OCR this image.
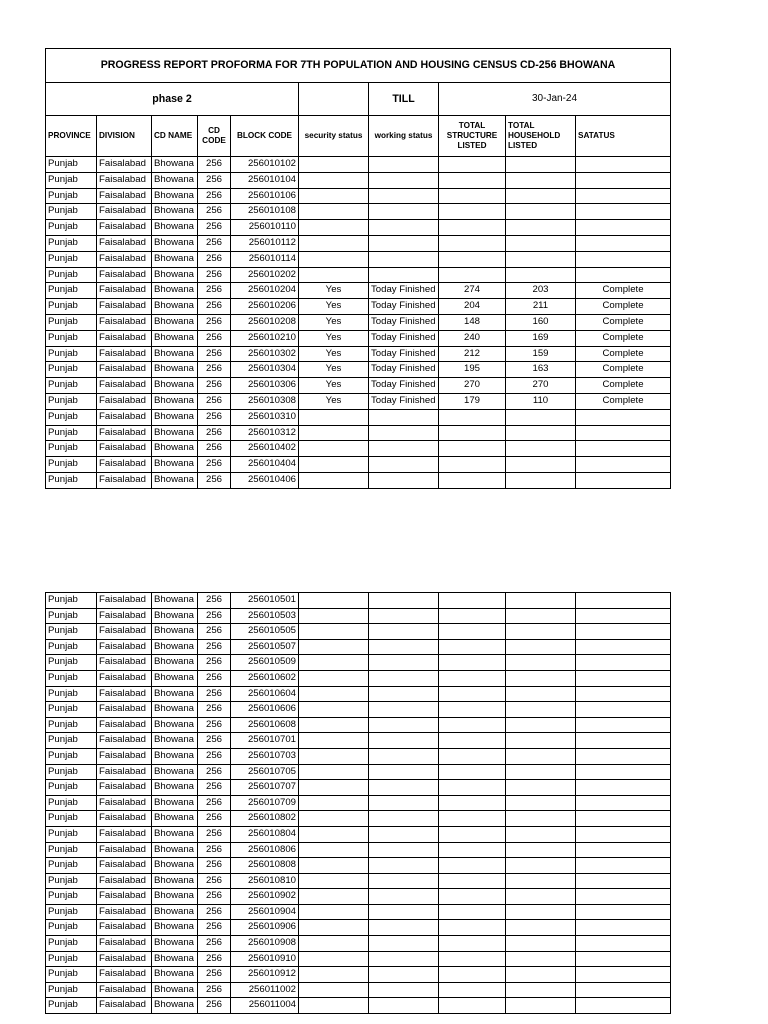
PROGRESS REPORT PROFORMA FOR 7TH POPULATION AND HOUSING CENSUS CD-256 BHOWANA									
phase 2						TILL	30-Jan-24		
PROVINCE	DIVISION	CD NAME	CD CODE	BLOCK CODE	security status	working status	TOTAL STRUCTURE LISTED	TOTAL HOUSEHOLD LISTED	SATATUS
Punjab	Faisalabad	Bhowana	256	256010102					
Punjab	Faisalabad	Bhowana	256	256010104					
Punjab	Faisalabad	Bhowana	256	256010106					
Punjab	Faisalabad	Bhowana	256	256010108					
Punjab	Faisalabad	Bhowana	256	256010110					
Punjab	Faisalabad	Bhowana	256	256010112					
Punjab	Faisalabad	Bhowana	256	256010114					
Punjab	Faisalabad	Bhowana	256	256010202					
Punjab	Faisalabad	Bhowana	256	256010204	Yes	Today Finished	274	203	Complete
Punjab	Faisalabad	Bhowana	256	256010206	Yes	Today Finished	204	211	Complete
Punjab	Faisalabad	Bhowana	256	256010208	Yes	Today Finished	148	160	Complete
Punjab	Faisalabad	Bhowana	256	256010210	Yes	Today Finished	240	169	Complete
Punjab	Faisalabad	Bhowana	256	256010302	Yes	Today Finished	212	159	Complete
Punjab	Faisalabad	Bhowana	256	256010304	Yes	Today Finished	195	163	Complete
Punjab	Faisalabad	Bhowana	256	256010306	Yes	Today Finished	270	270	Complete
Punjab	Faisalabad	Bhowana	256	256010308	Yes	Today Finished	179	110	Complete
Punjab	Faisalabad	Bhowana	256	256010310					
Punjab	Faisalabad	Bhowana	256	256010312					
Punjab	Faisalabad	Bhowana	256	256010402					
Punjab	Faisalabad	Bhowana	256	256010404					
Punjab	Faisalabad	Bhowana	256	256010406					
Punjab	Faisalabad	Bhowana	256	256010501					
Punjab	Faisalabad	Bhowana	256	256010503					
Punjab	Faisalabad	Bhowana	256	256010505					
Punjab	Faisalabad	Bhowana	256	256010507					
Punjab	Faisalabad	Bhowana	256	256010509					
Punjab	Faisalabad	Bhowana	256	256010602					
Punjab	Faisalabad	Bhowana	256	256010604					
Punjab	Faisalabad	Bhowana	256	256010606					
Punjab	Faisalabad	Bhowana	256	256010608					
Punjab	Faisalabad	Bhowana	256	256010701					
Punjab	Faisalabad	Bhowana	256	256010703					
Punjab	Faisalabad	Bhowana	256	256010705					
Punjab	Faisalabad	Bhowana	256	256010707					
Punjab	Faisalabad	Bhowana	256	256010709					
Punjab	Faisalabad	Bhowana	256	256010802					
Punjab	Faisalabad	Bhowana	256	256010804					
Punjab	Faisalabad	Bhowana	256	256010806					
Punjab	Faisalabad	Bhowana	256	256010808					
Punjab	Faisalabad	Bhowana	256	256010810					
Punjab	Faisalabad	Bhowana	256	256010902					
Punjab	Faisalabad	Bhowana	256	256010904					
Punjab	Faisalabad	Bhowana	256	256010906					
Punjab	Faisalabad	Bhowana	256	256010908					
Punjab	Faisalabad	Bhowana	256	256010910					
Punjab	Faisalabad	Bhowana	256	256010912					
Punjab	Faisalabad	Bhowana	256	256011002					
Punjab	Faisalabad	Bhowana	256	256011004					
